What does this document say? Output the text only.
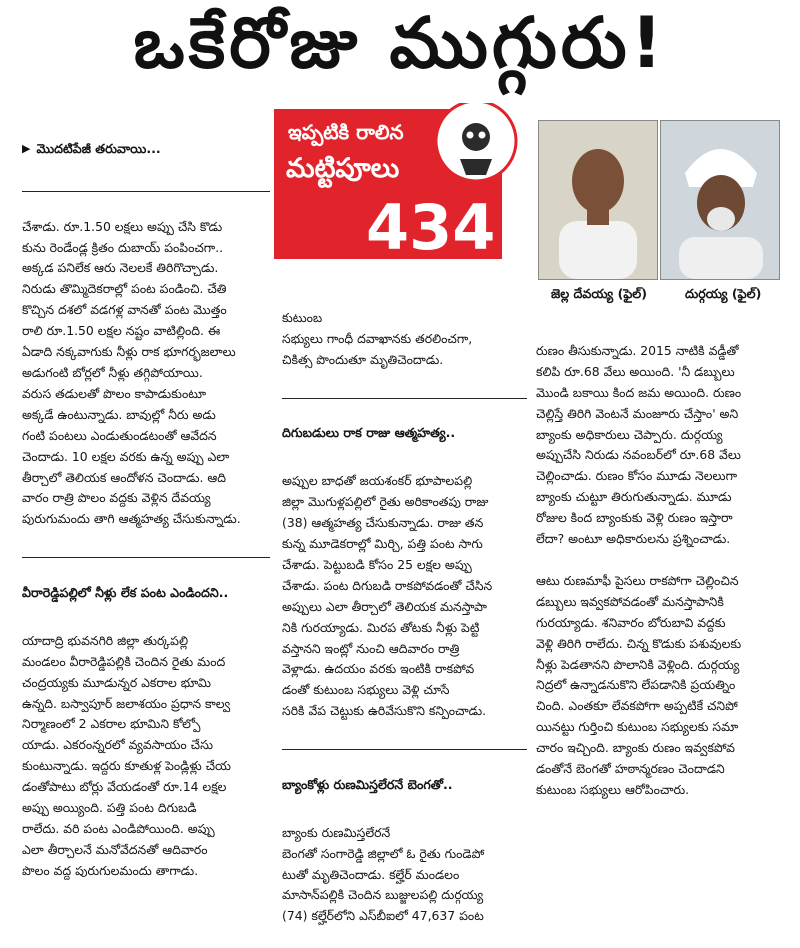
ఒకేరోజు ముగ్గురు!

▶ మొదటిపేజీ తరువాయి...

చేశాడు. రూ.1.50 లక్షలు అప్పు చేసి కొడు
కును రెండేండ్ల క్రితం దుబాయ్ పంపించగా..
అక్కడ పనిలేక ఆరు నెలలకే తిరిగొచ్చాడు.
నిరుడు తొమ్మిదెకరాల్లో పంట పండించి. చేతి
కొచ్చిన దశలో వడగళ్ల వానతో పంట మొత్తం
రాలి రూ.1.50 లక్షల నష్టం వాటిల్లింది. ఈ
ఏడాది నక్కవాగుకు నీళ్లు రాక భూగర్భజలాలు
అడుగంటి బోర్లలో నీళ్లు తగ్గిపోయాయి.
వరుస తడులతో పొలం కాపాడుకుంటూ
అక్కడే ఉంటున్నాడు. బావుల్లో నీరు అడు
గంటి పంటలు ఎండుతుండటంతో ఆవేదన
చెందాడు. 10 లక్షల వరకు ఉన్న అప్పు ఎలా
తీర్చాలో తెలియక ఆందోళన చెందాడు. ఆది
వారం రాత్రి పొలం వద్దకు వెళ్లిన దేవయ్య
పురుగుమందు తాగి ఆత్మహత్య చేసుకున్నాడు.

వీరారెడ్డిపల్లిలో నీళ్లు లేక పంట ఎండిందని..

యాదాద్రి భువనగిరి జిల్లా తుర్కపల్లి
మండలం వీరారెడ్డిపల్లికి చెందిన రైతు మంద
చంద్రయ్యకు మూడున్నర ఎకరాల భూమి
ఉన్నది. బస్వాపూర్ జలాశయం ప్రధాన కాల్వ
నిర్మాణంలో 2 ఎకరాల భూమిని కోల్పో
యాడు. ఎకరంన్నరలో వ్యవసాయం చేసు
కుంటున్నాడు. ఇద్దరు కూతుళ్ల పెండ్లిళ్లు చేయ
డంతోపాటు బోర్లు వేయడంతో రూ.14 లక్షల
అప్పు అయ్యింది. పత్తి పంట దిగుబడి
రాలేదు. వరి పంట ఎండిపోయింది. అప్పు
ఎలా తీర్చాలనే మనోవేదనతో ఆదివారం
పొలం వద్ద పురుగులమందు తాగాడు.

ఇప్పటికి రాలిన
మట్టిపూలు
434
జెల్ల దేవయ్య (ఫైల్)	దుర్గయ్య (ఫైల్)

కుటుంబ
సభ్యులు గాంధీ దవాఖానకు తరలించగా,
చికిత్స పొందుతూ మృతిచెందాడు.

దిగుబడులు రాక రాజు ఆత్మహత్య..

అప్పుల బాధతో జయశంకర్ భూపాలపల్లి
జిల్లా మొగుళ్లపల్లిలో రైతు అరికాంతపు రాజు
(38) ఆత్మహత్య చేసుకున్నాడు. రాజు తన
కున్న మూడెకరాల్లో మిర్చి, పత్తి పంట సాగు
చేశాడు. పెట్టుబడి కోసం 25 లక్షల అప్పు
చేశాడు. పంట దిగుబడి రాకపోవడంతో చేసిన
అప్పులు ఎలా తీర్చాలో తెలియక మనస్తాపా
నికి గురయ్యాడు. మిరప తోటకు నీళ్లు పెట్టి
వస్తానని ఇంట్లో నుంచి ఆదివారం రాత్రి
వెళ్లాడు. ఉదయం వరకు ఇంటికి రాకపోవ
డంతో కుటుంబ సభ్యులు వెళ్లి చూసే
సరికి వేప చెట్టుకు ఉరివేసుకొని కన్పించాడు.

బ్యాంకోళ్లు రుణమిస్తలేరనే బెంగతో..

బ్యాంకు రుణమిస్తలేరనే
బెంగతో సంగారెడ్డి జిల్లాలో ఓ రైతు గుండెపో
టుతో మృతిచెందాడు. కల్హేర్ మండలం
మాసాన్‌పల్లికి చెందిన బుజ్జులపల్లి దుర్గయ్య
(74) కల్హేర్‌లోని ఎస్‌బీఐలో 47,637 పంట

రుణం తీసుకున్నాడు. 2015 నాటికి వడ్డీతో
కలిపి రూ.68 వేలు అయింది. 'నీ డబ్బులు
మొండి బకాయి కింద జమ అయింది. రుణం
చెల్లిస్తే తిరిగి వెంటనే మంజూరు చేస్తాం' అని
బ్యాంకు అధికారులు చెప్పారు. దుర్గయ్య
అప్పుచేసి నిరుడు నవంబర్‌లో రూ.68 వేలు
చెల్లించాడు. రుణం కోసం మూడు నెలలుగా
బ్యాంకు చుట్టూ తిరుగుతున్నాడు. మూడు
రోజుల కింద బ్యాంకుకు వెళ్లి రుణం ఇస్తారా
లేదా? అంటూ అధికారులను ప్రశ్నించాడు.

ఆటు రుణమాఫీ పైసలు రాకపోగా చెల్లించిన
డబ్బులు ఇవ్వకపోవడంతో మనస్తాపానికి
గురయ్యాడు. శనివారం బోరుబావి వద్దకు
వెళ్లి తిరిగి రాలేదు. చిన్న కొడుకు పశువులకు
నీళ్లు పెడతానని పొలానికి వెళ్లింది. దుర్గయ్య
నిద్రలో ఉన్నాడనుకొని లేపడానికి ప్రయత్నిం
చింది. ఎంతకూ లేవకపోగా అప్పటికే చనిపో
యినట్టు గుర్తించి కుటుంబ సభ్యులకు సమా
చారం ఇచ్చింది. బ్యాంకు రుణం ఇవ్వకపోవ
డంతోనే బెంగతో హఠాన్మరణం చెందాడని
కుటుంబ సభ్యులు ఆరోపించారు.
